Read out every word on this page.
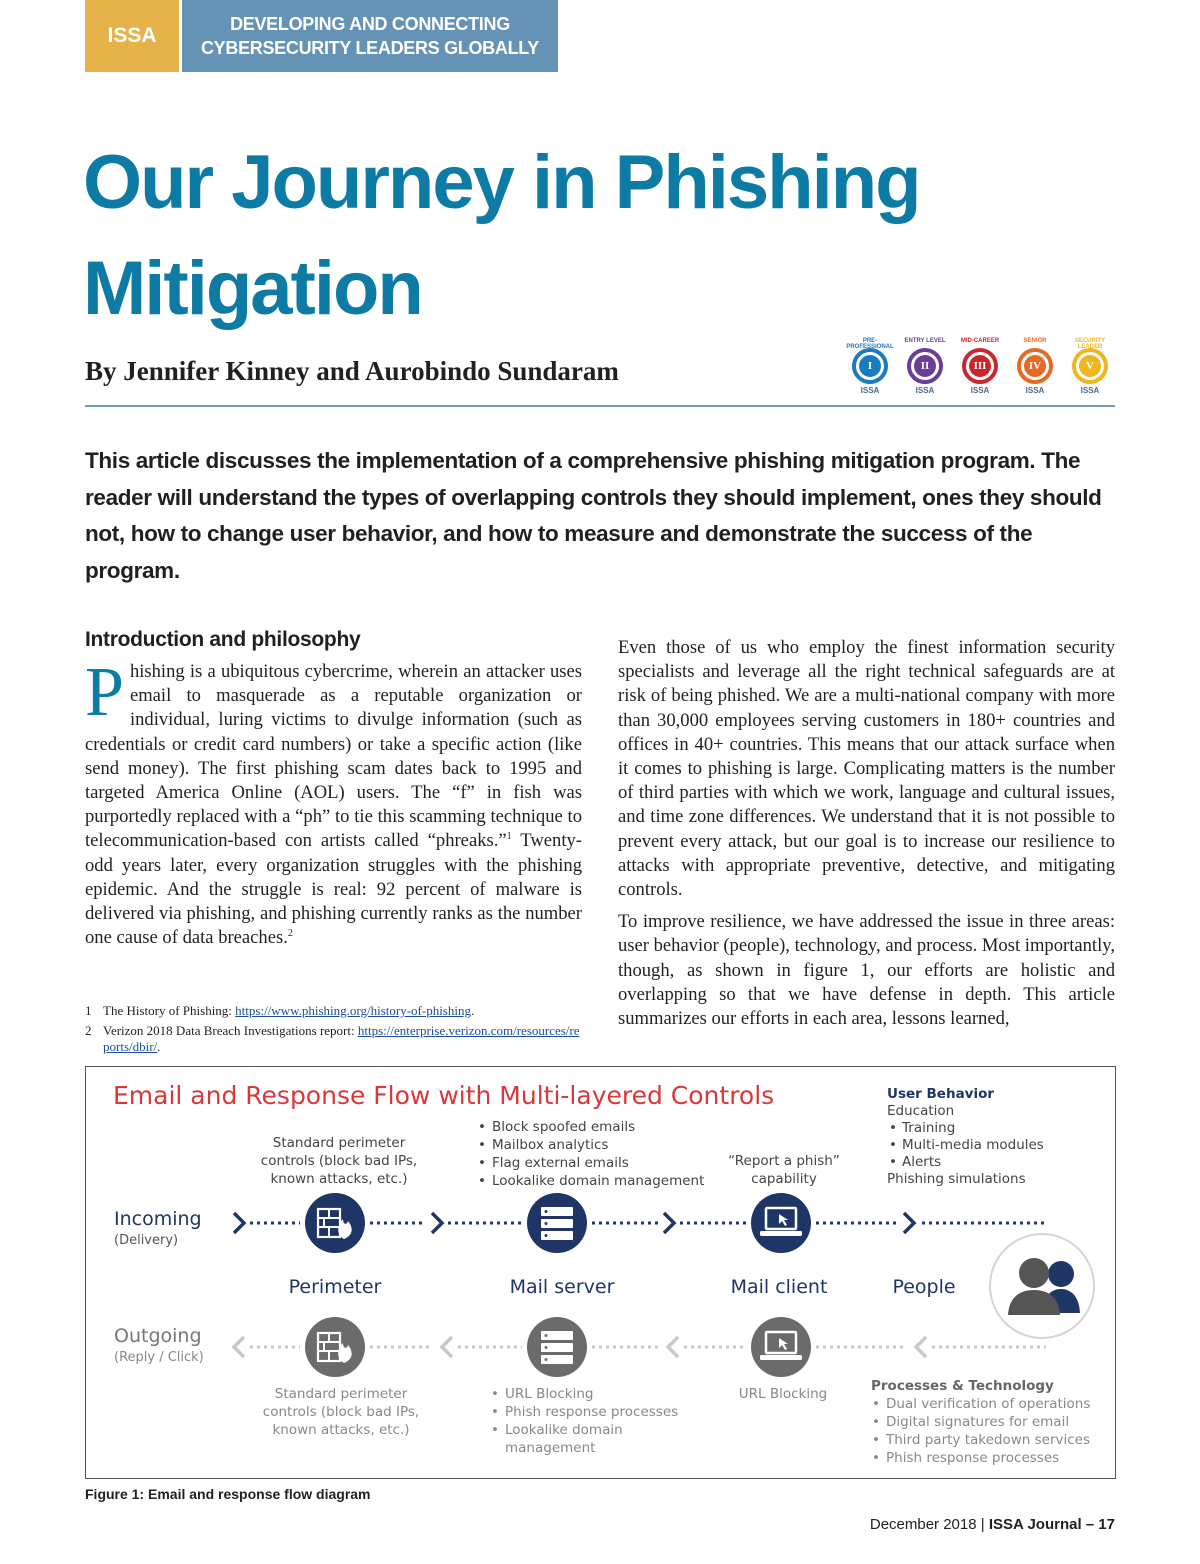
ISSA	DEVELOPING AND CONNECTING
CYBERSECURITY LEADERS GLOBALLY
Our Journey in Phishing
Mitigation
By Jennifer Kinney and Aurobindo Sundaram
PRE-PROFESSIONAL
I
ISSA
ENTRY LEVEL
II
ISSA
MID-CAREER
III
ISSA
SENIOR
IV
ISSA
SECURITY LEADER
V
ISSA
This article discusses the implementation of a comprehensive phishing mitigation program. The reader will understand the types of overlapping controls they should implement, ones they should not, how to change user behavior, and how to measure and demonstrate the success of the program.
Introduction and philosophy

Phishing is a ubiquitous cybercrime, wherein an attacker uses email to masquerade as a reputable organization or individual, luring victims to divulge information (such as credentials or credit card numbers) or take a specific action (like send money). The first phishing scam dates back to 1995 and targeted America Online (AOL) users. The “f” in fish was purportedly replaced with a “ph” to tie this scamming technique to telecommunication-based con artists called “phreaks.”$^1$ Twenty-odd years later, every organization struggles with the phishing epidemic. And the struggle is real: 92 percent of malware is delivered via phishing, and phishing currently ranks as the number one cause of data breaches.$^2$

1 The History of Phishing: https://www.phishing.org/history-of-phishing.
2 Verizon 2018 Data Breach Investigations report: https://enterprise.verizon.com/resources/reports/dbir/.

Even those of us who employ the finest information security specialists and leverage all the right technical safeguards are at risk of being phished. We are a multi-national company with more than 30,000 employees serving customers in 180+ countries and offices in 40+ countries. This means that our attack surface when it comes to phishing is large. Complicating matters is the number of third parties with which we work, language and cultural issues, and time zone differences. We understand that it is not possible to prevent every attack, but our goal is to increase our resilience to attacks with appropriate preventive, detective, and mitigating controls.

To improve resilience, we have addressed the issue in three areas: user behavior (people), technology, and process. Most importantly, though, as shown in figure 1, our efforts are holistic and overlapping so that we have defense in depth. This article summarizes our efforts in each area, lessons learned,

Email and Response Flow with Multi-layered Controls
Incoming
(Delivery)
Outgoing
(Reply / Click)
Standard perimeter
controls (block bad IPs,
known attacks, etc.)
• Block spoofed emails
• Mailbox analytics
• Flag external emails
• Lookalike domain management
“Report a phish”
capability
User Behavior
Education
• Training
• Multi-media modules
• Alerts
Phishing simulations
Perimeter	Mail server	Mail client	People
Standard perimeter
controls (block bad IPs,
known attacks, etc.)
• URL Blocking
• Phish response processes
• Lookalike domain
management
URL Blocking	Processes & Technology
• Dual verification of operations
• Digital signatures for email
• Third party takedown services
• Phish response processes
Figure 1: Email and response flow diagram
December 2018 | ISSA Journal – 17
